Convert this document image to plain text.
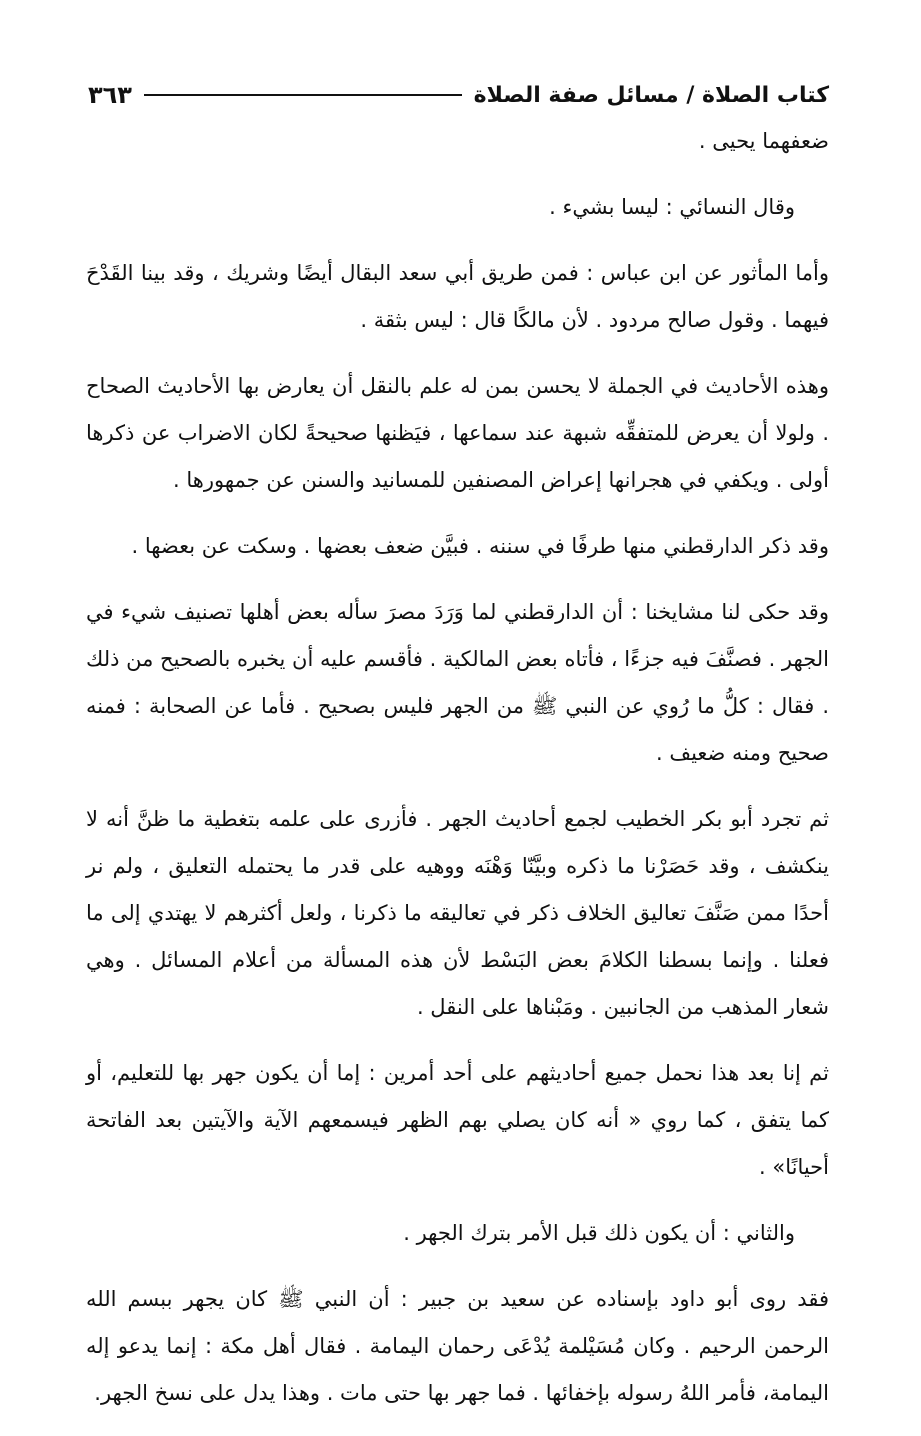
كتاب الصلاة / مسائل صفة الصلاة
٣٦٣

ضعفهما يحيى .

وقال النسائي : ليسا بشيء .

وأما المأثور عن ابن عباس : فمن طريق أبي سعد البقال أيضًا وشريك ، وقد بينا القَدْحَ فيهما . وقول صالح مردود . لأن مالكًا قال : ليس بثقة .

وهذه الأحاديث في الجملة لا يحسن بمن له علم بالنقل أن يعارض بها الأحاديث الصحاح . ولولا أن يعرض للمتفقِّه شبهة عند سماعها ، فيَظنها صحيحةً لكان الاضراب عن ذكرها أولى . ويكفي في هجرانها إعراض المصنفين للمسانيد والسنن عن جمهورها .

وقد ذكر الدارقطني منها طرفًا في سننه . فبيَّن ضعف بعضها . وسكت عن بعضها .

وقد حكى لنا مشايخنا : أن الدارقطني لما وَرَدَ مصرَ سأله بعض أهلها تصنيف شيء في الجهر . فصنَّفَ فيه جزءًا ، فأتاه بعض المالكية . فأقسم عليه أن يخبره بالصحيح من ذلك . فقال : كلُّ ما رُوي عن النبي ﷺ من الجهر فليس بصحيح . فأما عن الصحابة : فمنه صحيح ومنه ضعيف .

ثم تجرد أبو بكر الخطيب لجمع أحاديث الجهر . فأزرى على علمه بتغطية ما ظنَّ أنه لا ينكشف ، وقد حَصَرْنا ما ذكره وبيَّنّا وَهْنَه ووهيه على قدر ما يحتمله التعليق ، ولم نر أحدًا ممن صَنَّفَ تعاليق الخلاف ذكر في تعاليقه ما ذكرنا ، ولعل أكثرهم لا يهتدي إلى ما فعلنا . وإنما بسطنا الكلامَ بعض البَسْط لأن هذه المسألة من أعلام المسائل . وهي شعار المذهب من الجانبين . ومَبْناها على النقل .

ثم إنا بعد هذا نحمل جميع أحاديثهم على أحد أمرين : إما أن يكون جهر بها للتعليم، أو كما يتفق ، كما روي « أنه كان يصلي بهم الظهر فيسمعهم الآية والآيتين بعد الفاتحة أحيانًا» .

والثاني : أن يكون ذلك قبل الأمر بترك الجهر .

فقد روى أبو داود بإسناده عن سعيد بن جبير : أن النبي ﷺ كان يجهر ببسم الله الرحمن الرحيم . وكان مُسَيْلمة يُدْعَى رحمان اليمامة . فقال أهل مكة : إنما يدعو إله اليمامة، فأمر اللهُ رسوله بإخفائها . فما جهر بها حتى مات . وهذا يدل على نسخ الجهر.
